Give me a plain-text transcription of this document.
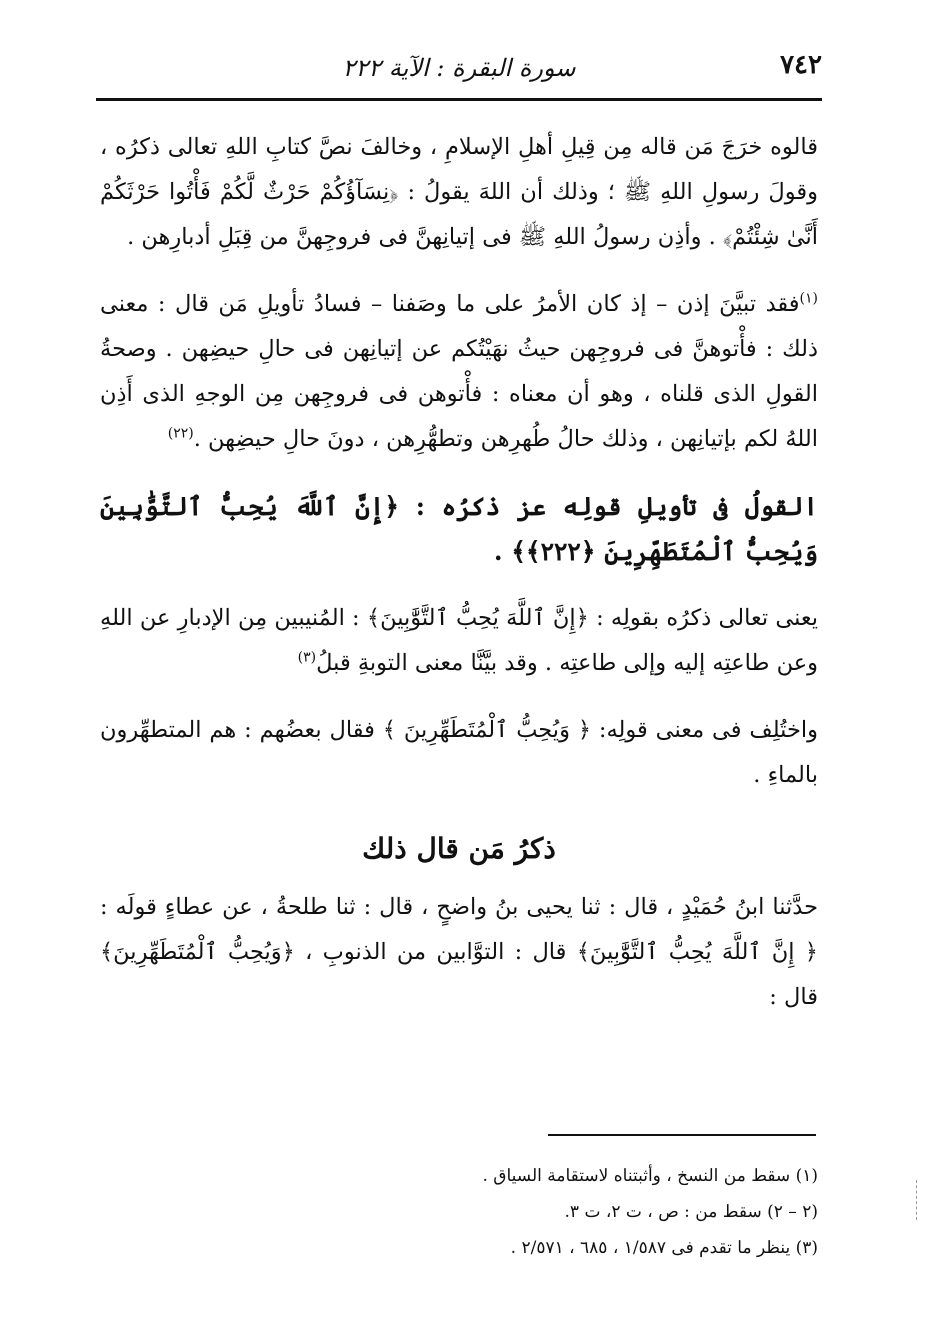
٧٤٢
سورة البقرة : الآية ٢٢٢

قالوه خرَجَ مَن قاله مِن قِيلِ أهلِ الإسلامِ ، وخالفَ نصَّ كتابِ اللهِ تعالى ذكرُه ، وقولَ رسولِ اللهِ ﷺ ؛ وذلك أن اللهَ يقولُ : ﴿نِسَآؤُكُمْ حَرْثٌ لَّكُمْ فَأْتُوا حَرْثَكُمْ أَنَّىٰ شِئْتُمْ﴾ . وأذِن رسولُ اللهِ ﷺ فى إتيانِهنَّ فى فروجِهنَّ من قِبَلِ أدبارِهن .

$^{(١)}$فقد تبيَّنَ إذن – إذ كان الأمرُ على ما وصَفنا – فسادُ تأويلِ مَن قال : معنى ذلك : فأْتوهنَّ فى فروجِهن حيثُ نهَيْتُكم عن إتيانِهن فى حالِ حيضِهن . وصحةُ القولِ الذى قلناه ، وهو أن معناه : فأْتوهن فى فروجِهن مِن الوجهِ الذى أَذِن اللهُ لكم بإتيانِهن ، وذلك حالُ طُهرِهن وتطهُّرِهن ، دونَ حالِ حيضِهن .$^{(٢٢)}$

القولُ فى تأويلِ قولِه عز ذكرُه : ﴿إِنَّ ٱللَّهَ يُحِبُّ ٱلتَّوَّٰبِينَ وَيُحِبُّ ٱلْمُتَطَهِّرِينَ ﴿٢٢٢﴾﴾ .

يعنى تعالى ذكرُه بقولِه : ﴿إِنَّ ٱللَّهَ يُحِبُّ ٱلتَّوَّٰبِينَ﴾ : المُنيبين مِن الإدبارِ عن اللهِ وعن طاعتِه إليه وإلى طاعتِه . وقد بيَّنَّا معنى التوبةِ قبلُ$^{(٣)}$

واختُلِف فى معنى قولِه: ﴿ وَيُحِبُّ ٱلْمُتَطَهِّرِينَ ﴾ فقال بعضُهم : هم المتطهِّرون بالماءِ .

ذكرُ مَن قال ذلك

حدَّثنا ابنُ حُمَيْدٍ ، قال : ثنا يحيى بنُ واضحٍ ، قال : ثنا طلحةُ ، عن عطاءٍ قولَه : ﴿ إِنَّ ٱللَّهَ يُحِبُّ ٱلتَّوَّٰبِينَ﴾ قال : التوَّابين من الذنوبِ ، ﴿وَيُحِبُّ ٱلْمُتَطَهِّرِينَ﴾ قال :

(١) سقط من النسخ ، وأثبتناه لاستقامة السياق .
(٢ – ٢) سقط من : ص ، ت ٢، ت ٣.
(٣) ينظر ما تقدم فى ١/٥٨٧ ، ٦٨٥ ، ٢/٥٧١ .
